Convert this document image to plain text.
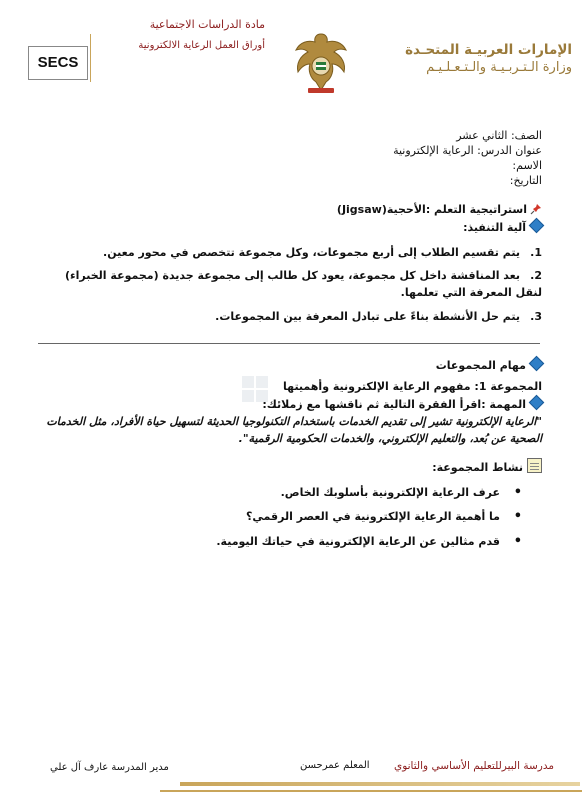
SECS
مادة الدراسات الاجتماعية
أوراق العمل الرعاية الالكترونية	الإمارات العربيـة المتحـدة
وزارة الـتـربـيـة والـتـعـلـيـم
الصف: الثاني عشر
عنوان الدرس: الرعاية الإلكترونية
الاسم:
التاريخ:
استراتيجية التعلم :الأحجية(Jigsaw)
آلية التنفيذ:
1.يتم تقسيم الطلاب إلى أربع مجموعات، وكل مجموعة تتخصص في محور معين.
2.بعد المناقشة داخل كل مجموعة، يعود كل طالب إلى مجموعة جديدة (مجموعة الخبراء) لنقل المعرفة التي تعلمها.
3.يتم حل الأنشطة بناءً على تبادل المعرفة بين المجموعات.
مهام المجموعات
المجموعة 1: مفهوم الرعاية الإلكترونية وأهميتها
المهمة :اقرأ الفقرة التالية ثم ناقشها مع زملائك:
"الرعاية الإلكترونية تشير إلى تقديم الخدمات باستخدام التكنولوجيا الحديثة لتسهيل حياة الأفراد، مثل الخدمات الصحية عن بُعد، والتعليم الإلكتروني، والخدمات الحكومية الرقمية".
نشاط المجموعة:
• عرف الرعاية الإلكترونية بأسلوبك الخاص.
• ما أهمية الرعاية الإلكترونية في العصر الرقمي؟
• قدم مثالين عن الرعاية الإلكترونية في حياتك اليومية.
مدير المدرسة عارف آل علي	المعلم عمرحسن مدرسة البيرللتعليم الأساسي والثانوي
